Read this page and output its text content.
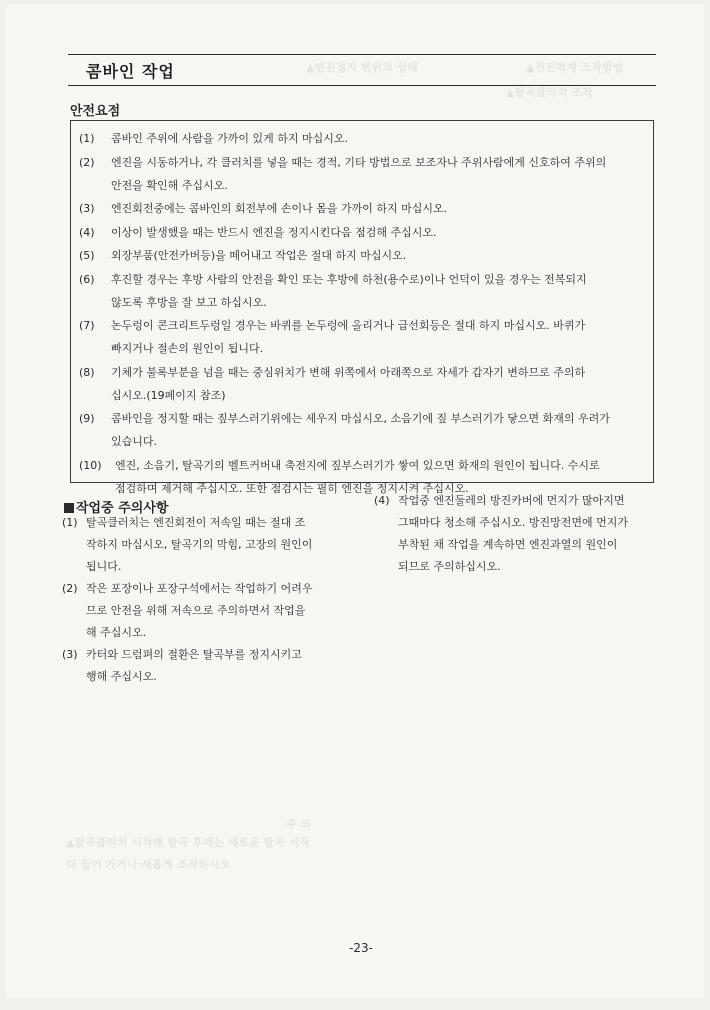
▲엔진정지 번위의 상태	▲전진적재 조작방법
▲탈곡클러치 조작
▲탈곡클러치 시작해 탈곡 후에는 새로운 탈곡 시작
다 들어 가거나 새롭게 조작하시오
주 의
콤바인 작업
안전요점
(1)	콤바인 주위에 사람을 가까이 있게 하지 마십시오.
(2)	엔진을 시동하거나, 각 클러치를 넣을 때는 경적, 기타 방법으로 보조자나 주위사람에게 신호하여 주위의
안전을 확인해 주십시오.
(3)	엔진회전중에는 콤바인의 회전부에 손이나 몸을 가까이 하지 마십시오.
(4)	이상이 발생했을 때는 반드시 엔진을 정지시킨다음 점검해 주십시오.
(5)	외장부품(안전카버등)을 떼어내고 작업은 절대 하지 마십시오.
(6)	후진할 경우는 후방 사람의 안전을 확인 또는 후방에 하천(용수로)이나 언덕이 있을 경우는 전복되지
않도록 후방을 잘 보고 하십시오.
(7)	논두렁이 콘크리트두렁일 경우는 바퀴를 논두렁에 올리거나 급선회등은 절대 하지 마십시오. 바퀴가
빠지거나 절손의 원인이 됩니다.
(8)	기체가 불록부분을 넘을 때는 중심위치가 변해 위쪽에서 아래쪽으로 자세가 갑자기 변하므로 주의하
십시오.(19페이지 참조)
(9)	콤바인을 정지할 때는 짚부스러기위에는 세우지 마십시오, 소음기에 짚 부스러기가 닿으면 화재의 우려가
있습니다.
(10)	엔진, 소음기, 탈곡기의 벨트커버내 축전지에 짚부스러기가 쌓여 있으면 화재의 원인이 됩니다. 수시로
점검하며 제거해 주십시오. 또한 점검시는 필히 엔진을 정지시켜 주십시오.
작업중 주의사항
(1) 탈곡클러치는 엔진회전이 저속일 때는 절대 조
작하지 마십시오, 탈곡기의 막힘, 고장의 원인이
됩니다.
(2) 작은 포장이나 포장구석에서는 작업하기 어려우
므로 안전을 위해 저속으로 주의하면서 작업을
해 주십시오.
(3) 카터와 드럼펴의 절환은 탈곡부를 정지시키고
행해 주십시오.
(4) 작업중 엔진둘레의 방진카버에 먼지가 많아지면
그때마다 청소해 주십시오. 방진망전면에 먼지가
부착된 채 작업을 계속하면 엔진과열의 원인이
되므로 주의하십시오.
-23-
